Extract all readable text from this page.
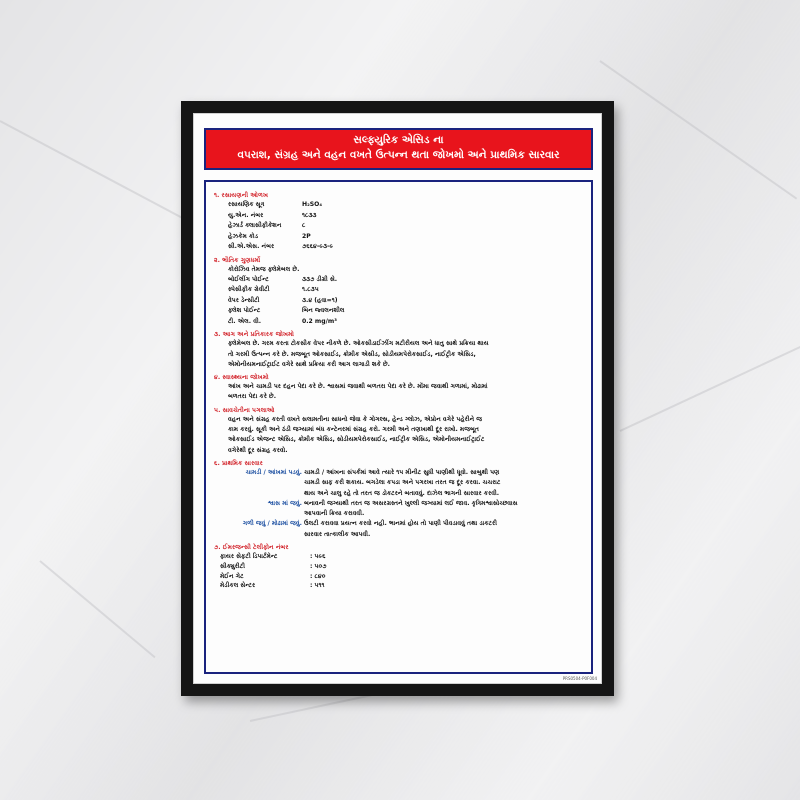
સલ્ફ્યુરિક એસિડ ના
વપરાશ, સંગ્રહ અને વહન વખતે ઉત્પન્ન થતા જોખમો અને પ્રાથમિક સારવાર
૧. રસાયણની ઓળખ
રસાયણિક સૂત્ર	H₂SO₄
યુ.એન. નંબર	૧૮૩૩
હેઝાર્ડ ક્લાસીફીકેશન	૮
હેઝકેમ કોડ	2P
સી.એ.એસ. નંબર	૭૬૬૪-૯૩-૯
૨. ભૌતિક ગુણધર્મો
કોરોઝિવ તેમજ ફ્લેમેબલ છે.
બોઈલીંગ પોઈન્ટ	૩૩૭ ડીગ્રી સે.
સ્પેસીફીક ગ્રેવીટી	૧.૮૩૫
વેપર ડેન્સીટી	૩.૪ (હવા=૧)
ફ્લેશ પોઈન્ટ	બિન જ્વલનશીલ
ટી. એલ. વી.	0.2 mg/m³
૩. આગ અને પ્રતિકારક જોખમો
ફ્લેમેબલ છે. ગરમ કરતા ટોકસીક વેપર નીકળે છે. ઓકસીડાઈઝીંગ મટીરીયલ અને ધાતુ સાથે પ્રક્રિયા થાય
તો ગરમી ઉત્પન્ન કરે છે. મજબૂત ઓકસાઈડ, ક્રોમીક એસીડ, સોડીયમપેરોકસાઈડ, નાઈટ્રીક એસિડ,
એમોનીયમનાઈટ્રાઈટ વગેરે સાથે પ્રક્રિયા કરી આગ લાગાડી શકે છે.
૪. સ્વાસ્થ્યના જોખમો
આંખ અને ચામડી પર દહન પેદા કરે છે. શ્વાસમાં જવાથી બળતરા પેદા કરે છે. મોંમા જવાથી ગળામાં, મોઢામાં
બળતરા પેદા કરે છે.
૫. સાવચેતીના પગલાઓ
વહન અને સંગ્રહ કરતી વખતે સલામતીના સાધનો જેવા કે ગોગલ્સ, હેન્ડ ગ્લોઝ, એપ્રોન વગેરે પહેરીને જ
કામ કરવું. સૂકી અને ઠંડી જગ્યામાં બંધ કન્ટેનરમાં સંગ્રહ કરો. ગરમી અને તણખાથી દૂર રાખો. મજબૂત
ઓકસાઈડ એજન્ટ એસિડ, ક્રોમીક એસિડ, સોડીયમપેરોકસાઈડ, નાઈટ્રીક એસિડ, એમોનીયમનાઈટ્રાઈટ
વગેરેથી દૂર સંગ્રહ કરવો.
૬. પ્રાથમિક સારવાર
ચામડી / આંખમાં પડવું. ચામડી / આંખના સંપર્કમાં આવે ત્યારે ૧૫ મીનીટ સુધી પાણીથી ધૂવો. સાબુથી પણ
ચામડી સાફ કરી શકાય. બગડેલા કપડા અને પગરખા તરત જ દૂર કરવા. ચચરાટ
થાય અને ચાલુ રહે તો તરત જ ડોકટરને બતાવવું. દાઝેલ ભાગની સારવાર કરવી.
શ્વાસ માં જવું. બનાવની જગ્યાથી તરત જ અસરગ્રસ્તને ખુલ્લી જગ્યામાં લઈ જાવ. કૃત્રિમશ્વાસોચ્છવાસ
આપવાની ક્રિયા કરાવવી.
ગળી જવું / મોઢામાં જવું. ઉલટી કરાવવા પ્રયત્ન કરવો નહી. ભાનમાં હોય તો પાણી પીવડાવવું તથા ડાકટરી
સારવાર તાત્કાલીક આપવી.
૭. ઈમરજન્સી ટેલીફોન નંબર
ફાયર સેફટી ડિપાર્ટમેન્ટ	: ૫૯૬
સીક્યુરીટી	: ૫૦૭
મેઈન ગેટ	: ૮૪૦
મેડીકલ સેન્ટર	: ૫૧૧
PRS0504-P0F004
